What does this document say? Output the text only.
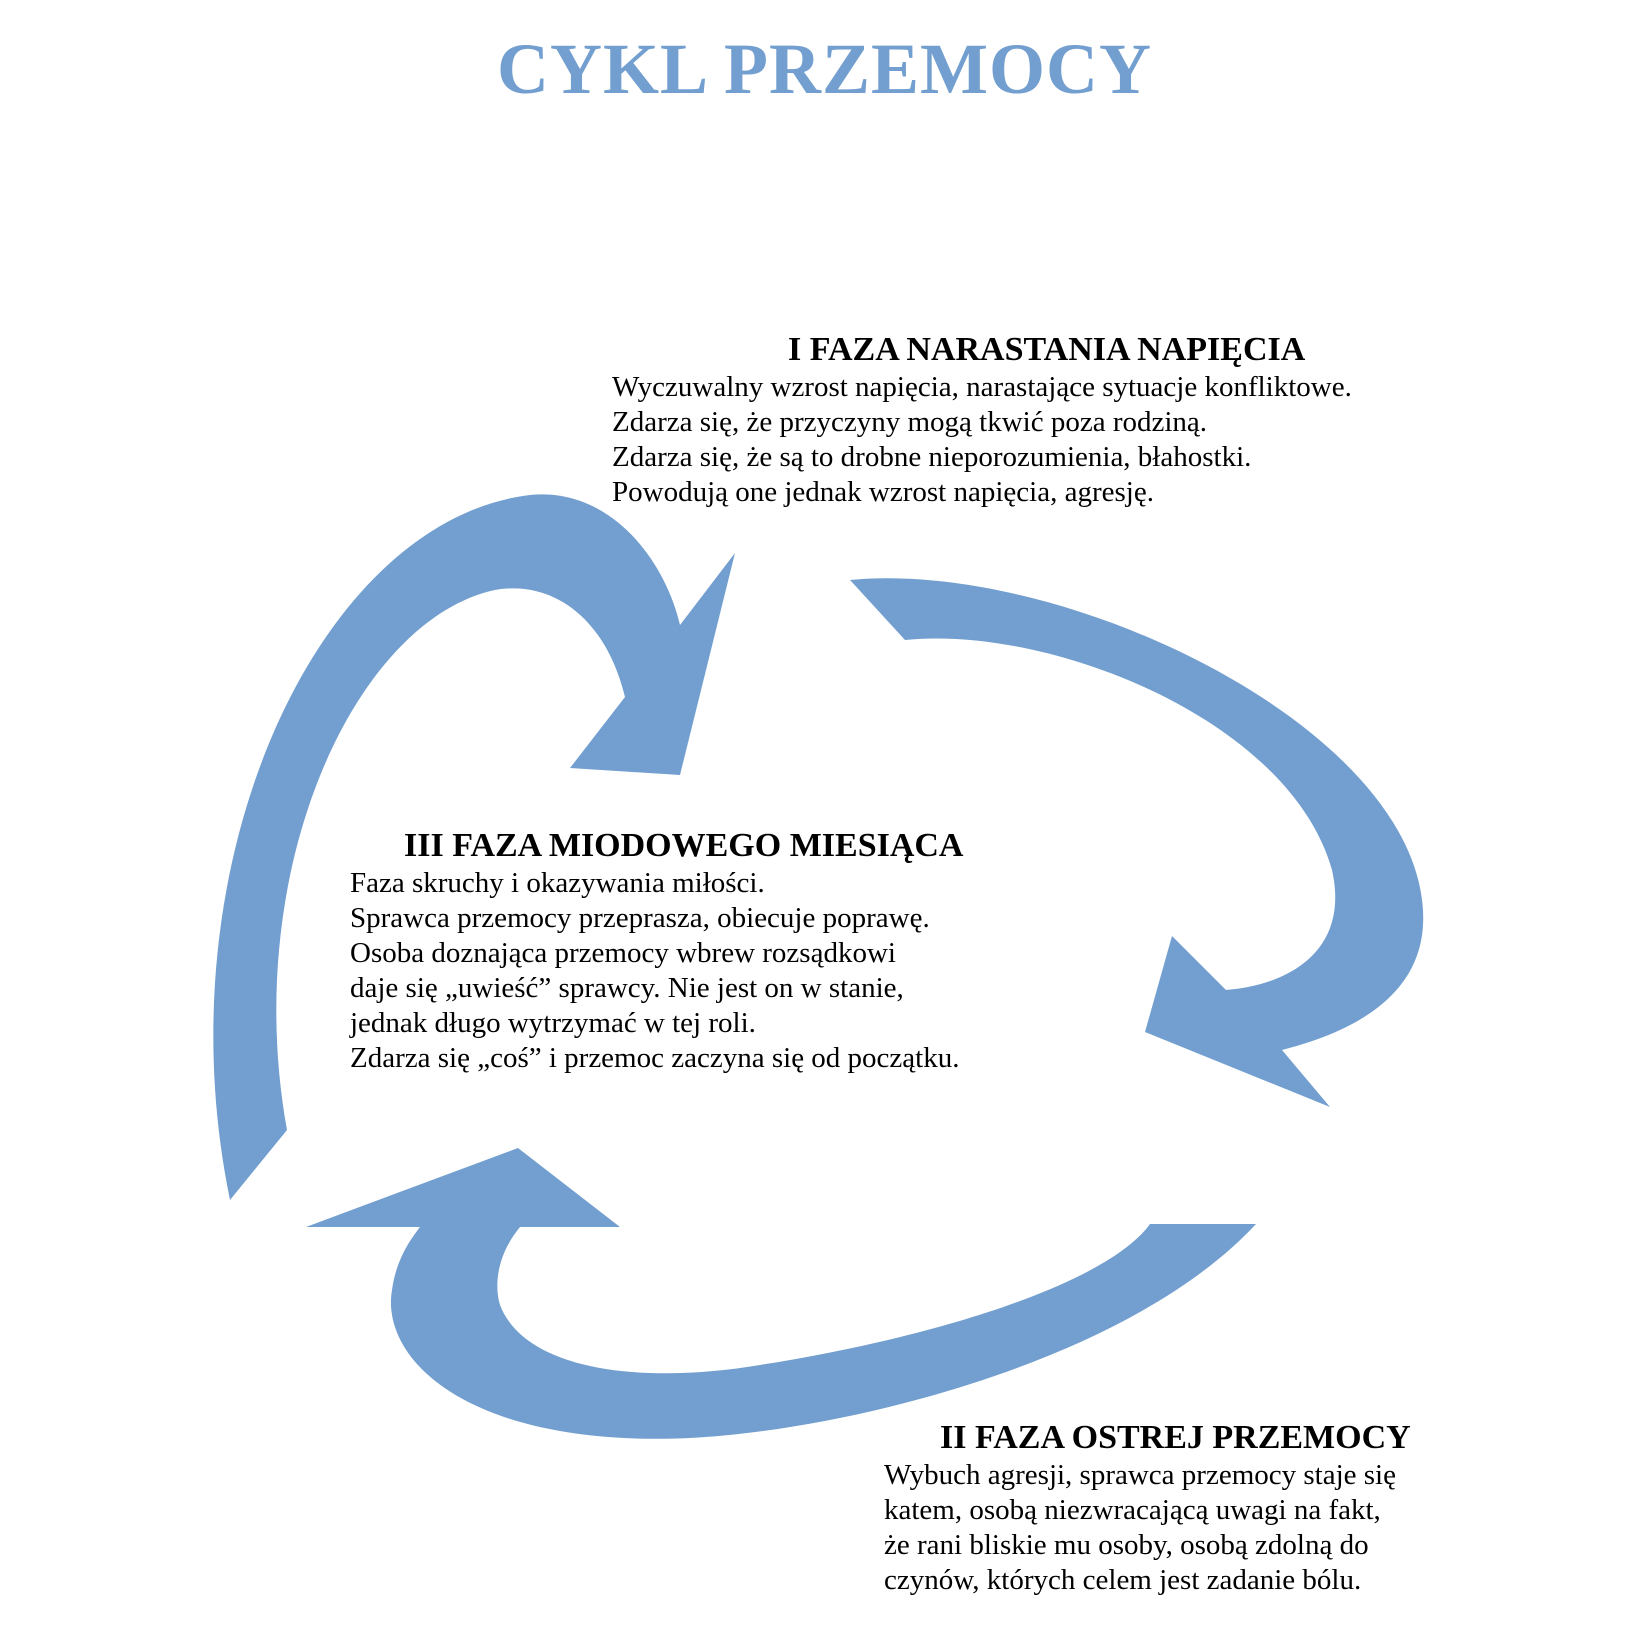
CYKL PRZEMOCY
I FAZA NARASTANIA NAPIĘCIA
Wyczuwalny wzrost napięcia, narastające sytuacje konfliktowe.
Zdarza się, że przyczyny mogą tkwić poza rodziną.
Zdarza się, że są to drobne nieporozumienia, błahostki.
Powodują one jednak wzrost napięcia, agresję.
III FAZA MIODOWEGO MIESIĄCA
Faza skruchy i okazywania miłości.
Sprawca przemocy przeprasza, obiecuje poprawę.
Osoba doznająca przemocy wbrew rozsądkowi
daje się „uwieść” sprawcy. Nie jest on w stanie,
jednak długo wytrzymać w tej roli.
Zdarza się „coś” i przemoc zaczyna się od początku.
II FAZA OSTREJ PRZEMOCY
Wybuch agresji, sprawca przemocy staje się
katem, osobą niezwracającą uwagi na fakt,
że rani bliskie mu osoby, osobą zdolną do
czynów, których celem jest zadanie bólu.
